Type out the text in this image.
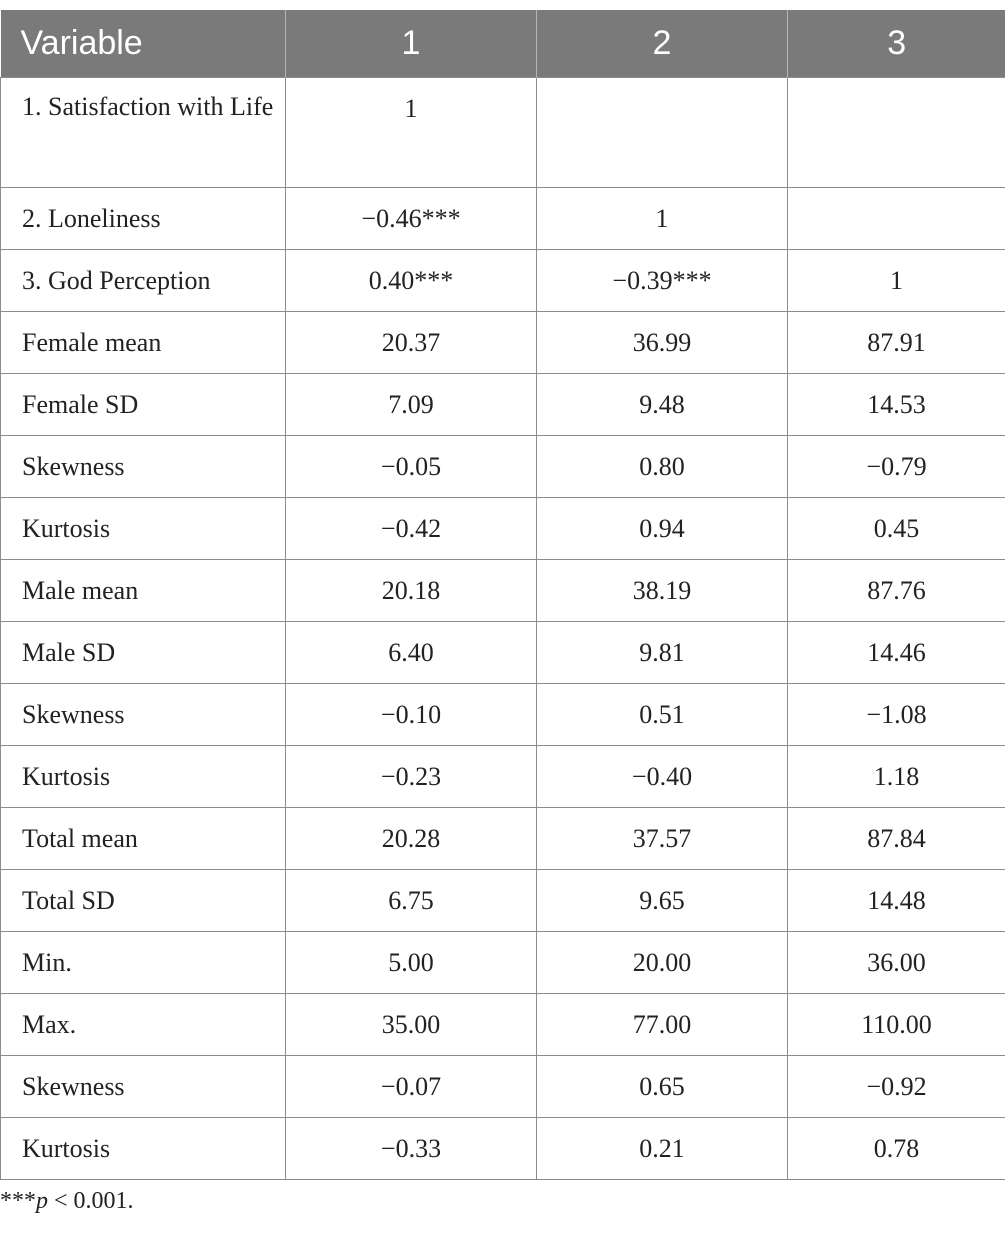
Variable	1	2	3
1. Satisfaction with Life	1		
2. Loneliness	−0.46***	1	
3. God Perception	0.40***	−0.39***	1
Female mean	20.37	36.99	87.91
Female SD	7.09	9.48	14.53
Skewness	−0.05	0.80	−0.79
Kurtosis	−0.42	0.94	0.45
Male mean	20.18	38.19	87.76
Male SD	6.40	9.81	14.46
Skewness	−0.10	0.51	−1.08
Kurtosis	−0.23	−0.40	1.18
Total mean	20.28	37.57	87.84
Total SD	6.75	9.65	14.48
Min.	5.00	20.00	36.00
Max.	35.00	77.00	110.00
Skewness	−0.07	0.65	−0.92
Kurtosis	−0.33	0.21	0.78
***p < 0.001.
